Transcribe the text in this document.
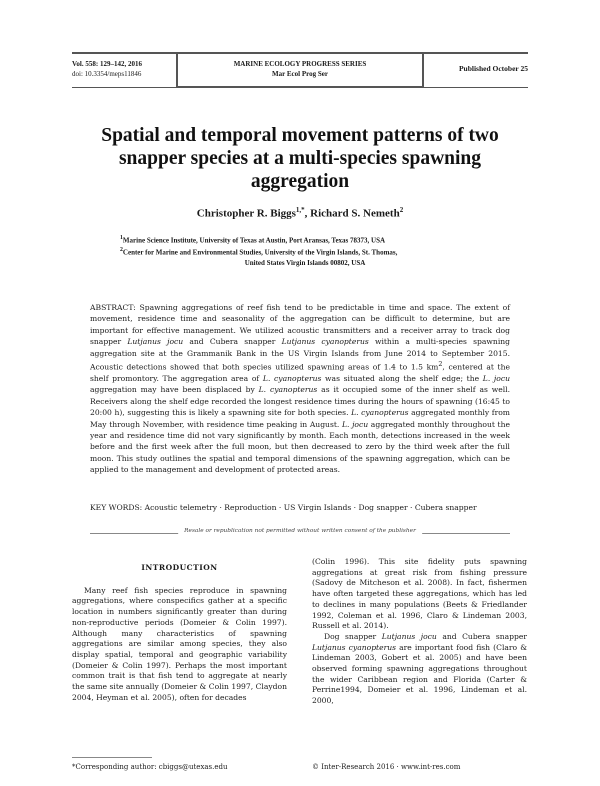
Vol. 558: 129–142, 2016
doi: 10.3354/meps11846
MARINE ECOLOGY PROGRESS SERIES
Mar Ecol Prog Ser
Published October 25
Spatial and temporal movement patterns of two snapper species at a multi-species spawning aggregation
Christopher R. Biggs$^{1,*}$, Richard S. Nemeth$^2$
$^1$Marine Science Institute, University of Texas at Austin, Port Aransas, Texas 78373, USA
$^2$Center for Marine and Environmental Studies, University of the Virgin Islands, St. Thomas,
United States Virgin Islands 00802, USA
ABSTRACT: Spawning aggregations of reef fish tend to be predictable in time and space. The extent of movement, residence time and seasonality of the aggregation can be difficult to determine, but are important for effective management. We utilized acoustic transmitters and a receiver array to track dog snapper Lutjanus jocu and Cubera snapper Lutjanus cyanopterus within a multi-species spawning aggregation site at the Grammanik Bank in the US Virgin Islands from June 2014 to September 2015. Acoustic detections showed that both species utilized spawning areas of 1.4 to 1.5 $km^2$, centered at the shelf promontory. The aggregation area of L. cyanopterus was situated along the shelf edge; the L. jocu aggregation may have been displaced by L. cyanopterus as it occupied some of the inner shelf as well. Receivers along the shelf edge recorded the longest residence times during the hours of spawning (16:45 to 20:00 h), suggesting this is likely a spawning site for both species. L. cyanopterus aggregated monthly from May through November, with residence time peaking in August. L. jocu aggregated monthly throughout the year and residence time did not vary significantly by month. Each month, detections increased in the week before and the first week after the full moon, but then decreased to zero by the third week after the full moon. This study outlines the spatial and temporal dimensions of the spawning aggregation, which can be applied to the management and development of protected areas.
KEY WORDS: Acoustic telemetry · Reproduction · US Virgin Islands · Dog snapper · Cubera snapper
Resale or republication not permitted without written consent of the publisher
INTRODUCTION

Many reef fish species reproduce in spawning aggregations, where conspecifics gather at a specific location in numbers significantly greater than during non-reproductive periods (Domeier & Colin 1997). Although many characteristics of spawning aggregations are similar among species, they also display spatial, temporal and geographic variability (Domeier & Colin 1997). Perhaps the most important common trait is that fish tend to aggregate at nearly the same site annually (Domeier & Colin 1997, Claydon 2004, Heyman et al. 2005), often for decades

(Colin 1996). This site fidelity puts spawning aggregations at great risk from fishing pressure (Sadovy de Mitcheson et al. 2008). In fact, fishermen have often targeted these aggregations, which has led to declines in many populations (Beets & Friedlander 1992, Coleman et al. 1996, Claro & Lindeman 2003, Russell et al. 2014).

Dog snapper Lutjanus jocu and Cubera snapper Lutjanus cyanopterus are important food fish (Claro & Lindeman 2003, Gobert et al. 2005) and have been observed forming spawning aggregations throughout the wider Caribbean region and Florida (Carter & Perrine1994, Domeier et al. 1996, Lindeman et al. 2000,

*Corresponding author: cbiggs@utexas.edu	© Inter-Research 2016 · www.int-res.com
